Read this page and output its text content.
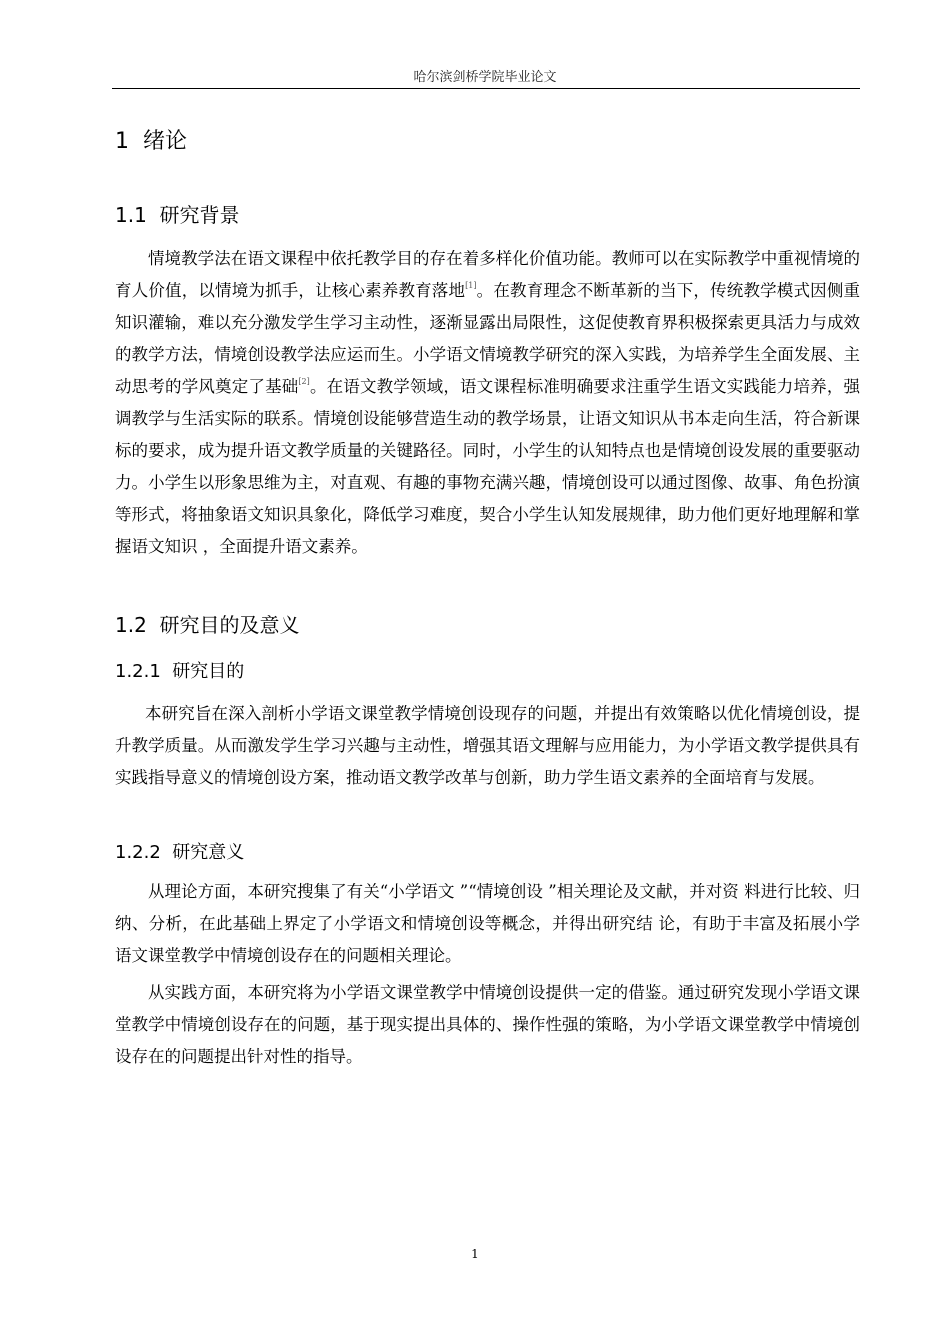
哈尔滨剑桥学院毕业论文
1 绪论
1.1 研究背景

情境教学法在语文课程中依托教学目的存在着多样化价值功能。教师可以在实际教学中重视情境的育人价值，以情境为抓手，让核心素养教育落地[1]。在教育理念不断革新的当下，传统教学模式因侧重知识灌输，难以充分激发学生学习主动性，逐渐显露出局限性，这促使教育界积极探索更具活力与成效的教学方法，情境创设教学法应运而生。小学语文情境教学研究的深入实践，为培养学生全面发展、主动思考的学风奠定了基础[2]。在语文教学领域，语文课程标准明确要求注重学生语文实践能力培养，强调教学与生活实际的联系。情境创设能够营造生动的教学场景，让语文知识从书本走向生活，符合新课标的要求，成为提升语文教学质量的关键路径。同时，小学生的认知特点也是情境创设发展的重要驱动力。小学生以形象思维为主，对直观、有趣的事物充满兴趣，情境创设可以通过图像、故事、角色扮演等形式，将抽象语文知识具象化，降低学习难度，契合小学生认知发展规律，助力他们更好地理解和掌握语文知识 ，全面提升语文素养。

1.2 研究目的及意义
1.2.1 研究目的

本研究旨在深入剖析小学语文课堂教学情境创设现存的问题，并提出有效策略以优化情境创设，提升教学质量。从而激发学生学习兴趣与主动性，增强其语文理解与应用能力，为小学语文教学提供具有实践指导意义的情境创设方案，推动语文教学改革与创新，助力学生语文素养的全面培育与发展。

1.2.2 研究意义

从理论方面，本研究搜集了有关“小学语文 ”“情境创设 ”相关理论及文献，并对资 料进行比较、归纳、分析，在此基础上界定了小学语文和情境创设等概念，并得出研究结 论，有助于丰富及拓展小学语文课堂教学中情境创设存在的问题相关理论。

从实践方面，本研究将为小学语文课堂教学中情境创设提供一定的借鉴。通过研究发现小学语文课堂教学中情境创设存在的问题，基于现实提出具体的、操作性强的策略，为小学语文课堂教学中情境创设存在的问题提出针对性的指导。

1
